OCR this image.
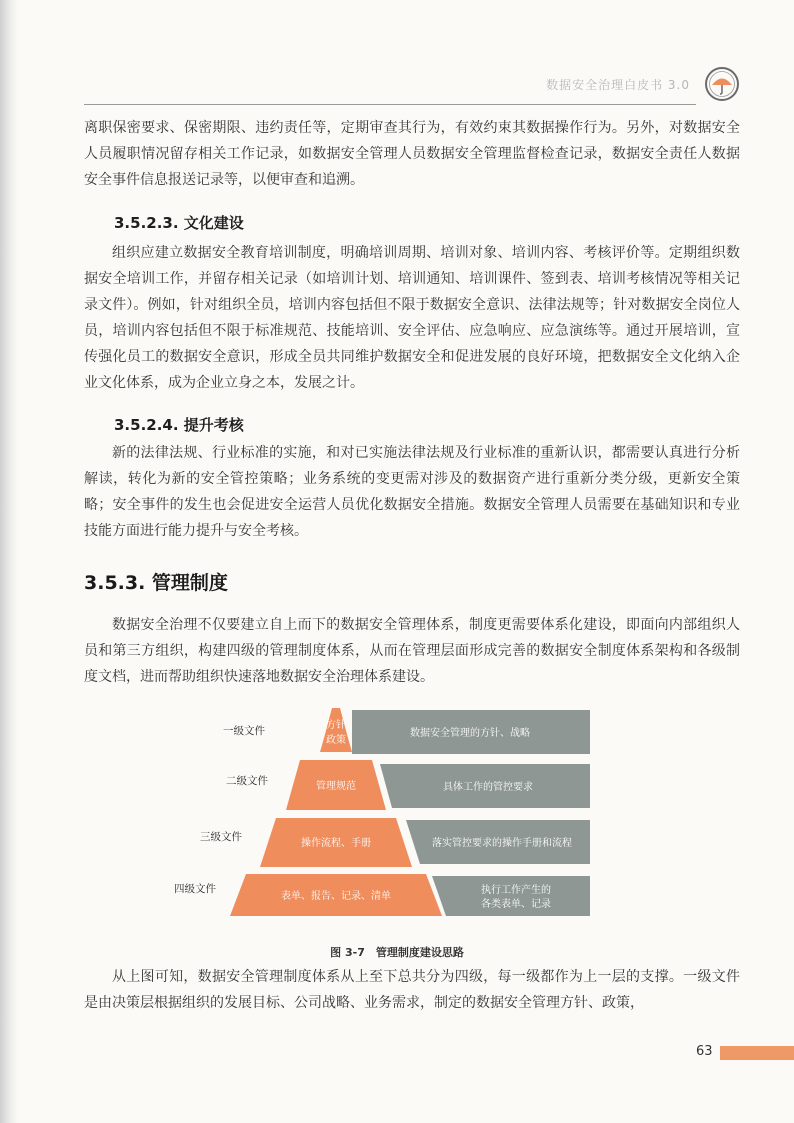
数据安全治理白皮书 3.0
离职保密要求、保密期限、违约责任等，定期审查其行为，有效约束其数据操作行为。另外，对数据安全人员履职情况留存相关工作记录，如数据安全管理人员数据安全管理监督检查记录，数据安全责任人数据安全事件信息报送记录等，以便审查和追溯。
3.5.2.3. 文化建设
组织应建立数据安全教育培训制度，明确培训周期、培训对象、培训内容、考核评价等。定期组织数据安全培训工作，并留存相关记录（如培训计划、培训通知、培训课件、签到表、培训考核情况等相关记录文件）。例如，针对组织全员，培训内容包括但不限于数据安全意识、法律法规等；针对数据安全岗位人员，培训内容包括但不限于标准规范、技能培训、安全评估、应急响应、应急演练等。通过开展培训，宣传强化员工的数据安全意识，形成全员共同维护数据安全和促进发展的良好环境，把数据安全文化纳入企业文化体系，成为企业立身之本，发展之计。
3.5.2.4. 提升考核
新的法律法规、行业标准的实施，和对已实施法律法规及行业标准的重新认识，都需要认真进行分析解读，转化为新的安全管控策略；业务系统的变更需对涉及的数据资产进行重新分类分级，更新安全策略；安全事件的发生也会促进安全运营人员优化数据安全措施。数据安全管理人员需要在基础知识和专业技能方面进行能力提升与安全考核。
3.5.3. 管理制度
数据安全治理不仅要建立自上而下的数据安全管理体系，制度更需要体系化建设，即面向内部组织人员和第三方组织，构建四级的管理制度体系，从而在管理层面形成完善的数据安全制度体系架构和各级制度文档，进而帮助组织快速落地数据安全治理体系建设。
一级文件
二级文件
三级文件
四级文件
方针
政策
管理规范
操作流程、手册
表单、报告、记录、清单
数据安全管理的方针、战略
具体工作的管控要求
落实管控要求的操作手册和流程
执行工作产生的
各类表单、记录
图 3-7　管理制度建设思路
从上图可知，数据安全管理制度体系从上至下总共分为四级，每一级都作为上一层的支撑。一级文件是由决策层根据组织的发展目标、公司战略、业务需求，制定的数据安全管理方针、政策，
63
